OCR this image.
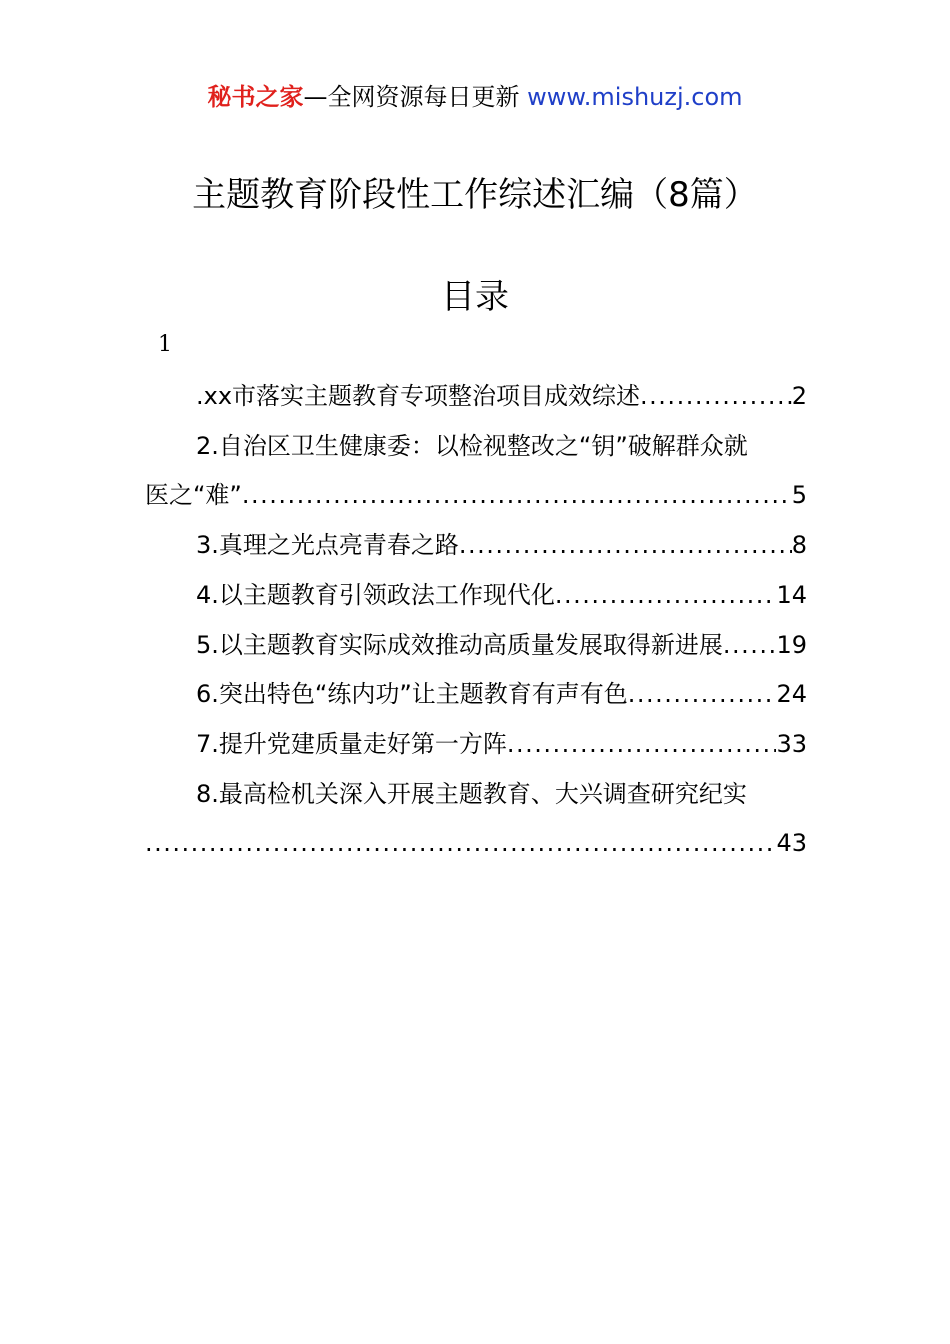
秘书之家—全网资源每日更新 www.mishuzj.com
主题教育阶段性工作综述汇编（8篇）
目录
1
.xx市落实主题教育专项整治项目成效综述 .....	2
2.自治区卫生健康委：以检视整改之“钥”破解群众就
医之“难” .....	5
3.真理之光点亮青春之路 .....	8
4.以主题教育引领政法工作现代化 .....	14
5.以主题教育实际成效推动高质量发展取得新进展 ..... 19
6.突出特色“练内功”让主题教育有声有色 .....	24
7.提升党建质量走好第一方阵 .....	33
8.最高检机关深入开展主题教育、大兴调查研究纪实
.....
43
